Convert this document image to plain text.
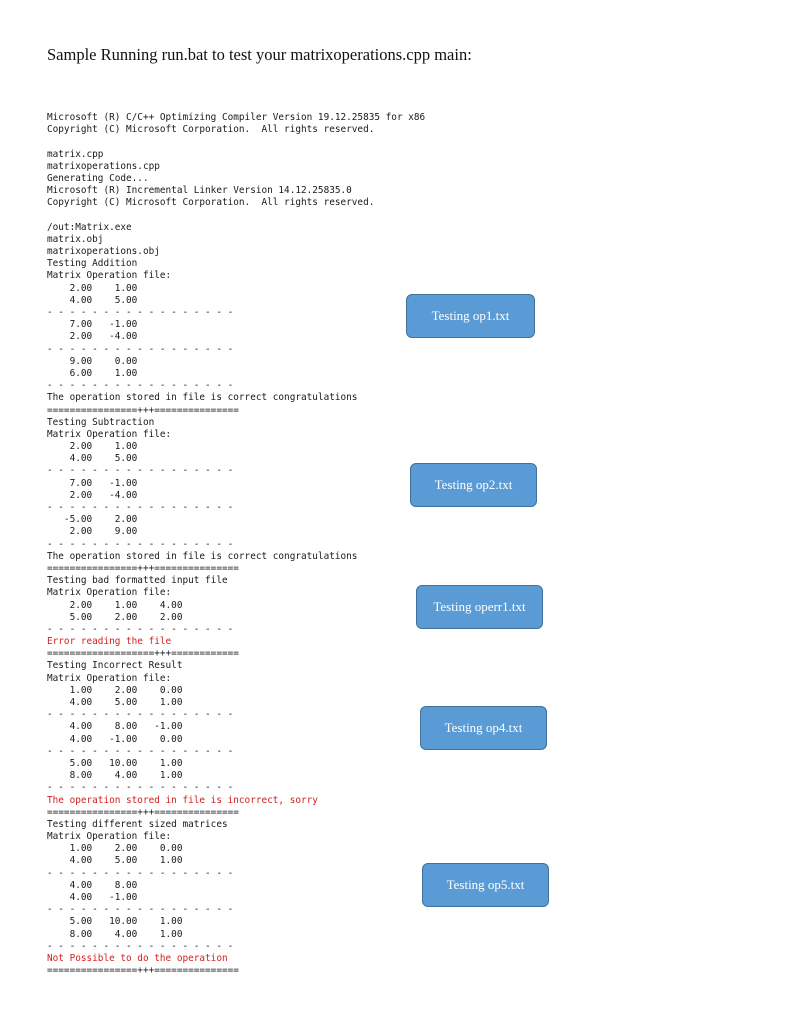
Sample Running run.bat to test your matrixoperations.cpp main:
Microsoft (R) C/C++ Optimizing Compiler Version 19.12.25835 for x86
Copyright (C) Microsoft Corporation.  All rights reserved.
matrix.cpp
matrixoperations.cpp
Generating Code...
Microsoft (R) Incremental Linker Version 14.12.25835.0
Copyright (C) Microsoft Corporation.  All rights reserved.
/out:Matrix.exe
matrix.obj
matrixoperations.obj
Testing Addition
Matrix Operation file:
2.00    1.00
4.00    5.00
- - - - - - - - - - - - - - - - -
7.00   -1.00
2.00   -4.00
- - - - - - - - - - - - - - - - -
9.00    0.00
6.00    1.00
- - - - - - - - - - - - - - - - -
The operation stored in file is correct congratulations
================+++===============
Testing Subtraction
Matrix Operation file:
2.00    1.00
4.00    5.00
- - - - - - - - - - - - - - - - -
7.00   -1.00
2.00   -4.00
- - - - - - - - - - - - - - - - -
-5.00    2.00
2.00    9.00
- - - - - - - - - - - - - - - - -
The operation stored in file is correct congratulations
================+++===============
Testing bad formatted input file
Matrix Operation file:
2.00    1.00    4.00
5.00    2.00    2.00
- - - - - - - - - - - - - - - - -
Error reading the file
===================+++============
Testing Incorrect Result
Matrix Operation file:
1.00    2.00    0.00
4.00    5.00    1.00
- - - - - - - - - - - - - - - - -
4.00    8.00   -1.00
4.00   -1.00    0.00
- - - - - - - - - - - - - - - - -
5.00   10.00    1.00
8.00    4.00    1.00
- - - - - - - - - - - - - - - - -
The operation stored in file is incorrect, sorry
================+++===============
Testing different sized matrices
Matrix Operation file:
1.00    2.00    0.00
4.00    5.00    1.00
- - - - - - - - - - - - - - - - -
4.00    8.00
4.00   -1.00
- - - - - - - - - - - - - - - - -
5.00   10.00    1.00
8.00    4.00    1.00
- - - - - - - - - - - - - - - - -
Not Possible to do the operation
================+++===============
Testing op1.txt
Testing op2.txt
Testing operr1.txt
Testing op4.txt
Testing op5.txt
